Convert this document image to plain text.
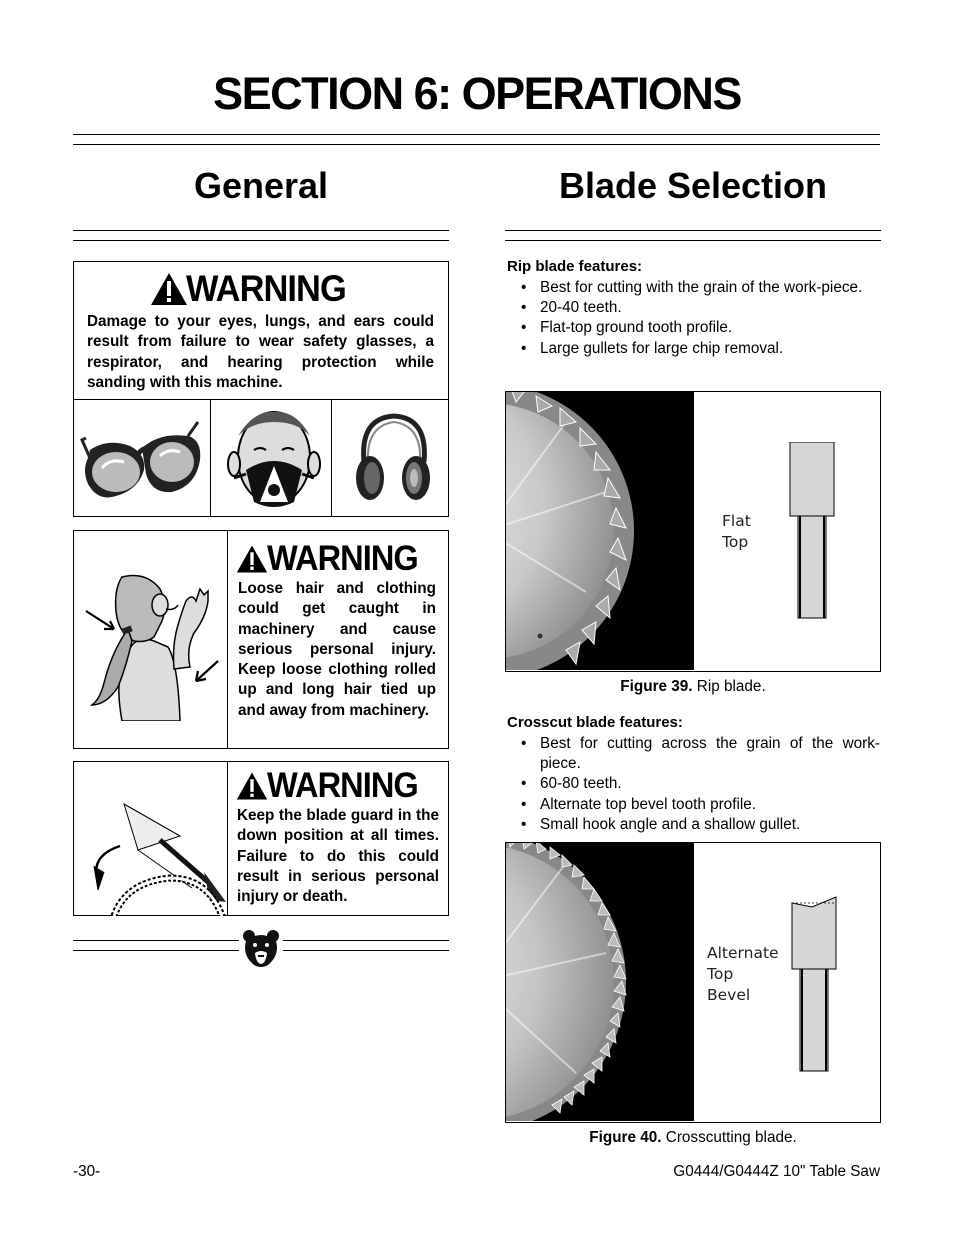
SECTION 6: OPERATIONS
General	Blade Selection
WARNING
Damage to your eyes, lungs, and ears could result from failure to wear safety glasses, a respirator, and hearing protection while sanding with this machine.
WARNING
Loose hair and clothing could get caught in machinery and cause serious personal injury. Keep loose clothing rolled up and long hair tied up and away from machinery.
WARNING
Keep the blade guard in the down position at all times. Failure to do this could result in serious personal injury or death.
Rip blade features:
• Best for cutting with the grain of the work-piece.
• 20-40 teeth.
• Flat-top ground tooth profile.
• Large gullets for large chip removal.
Flat
Top
Figure 39. Rip blade.
Crosscut blade features:
• Best for cutting across the grain of the work-piece.
• 60-80 teeth.
• Alternate top bevel tooth profile.
• Small hook angle and a shallow gullet.
Alternate
Top
Bevel
Figure 40. Crosscutting blade.
-30-	G0444/G0444Z 10" Table Saw
